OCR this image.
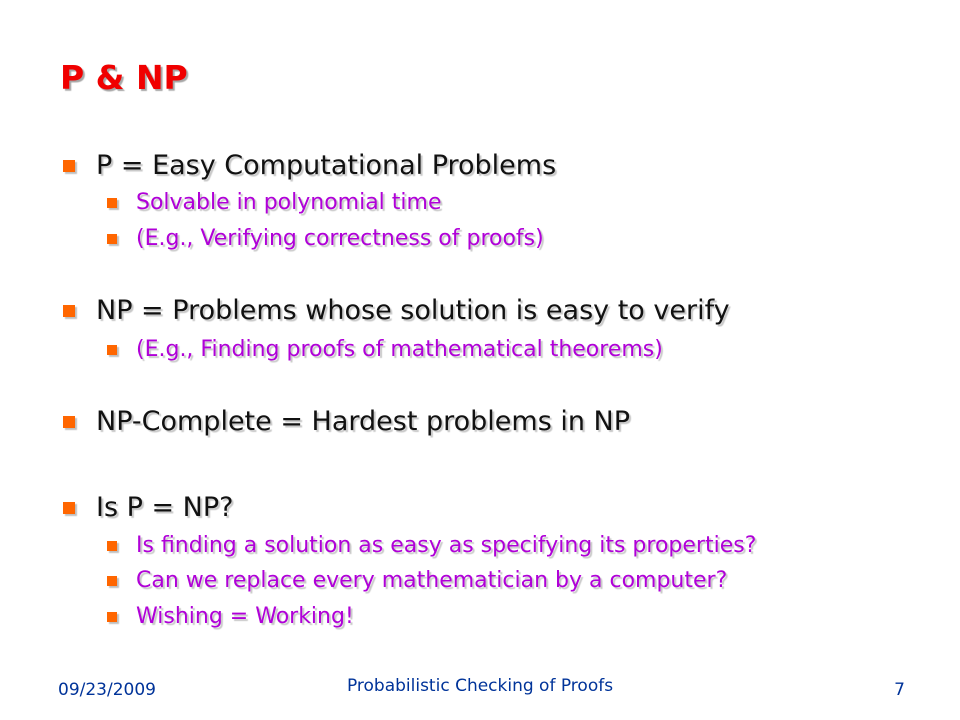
P & NP
P = Easy Computational Problems
Solvable in polynomial time
(E.g., Verifying correctness of proofs)
NP = Problems whose solution is easy to verify
(E.g., Finding proofs of mathematical theorems)
NP-Complete = Hardest problems in NP
Is P = NP?
Is finding a solution as easy as specifying its properties?
Can we replace every mathematician by a computer?
Wishing = Working!
09/23/2009	Probabilistic Checking of Proofs	7
